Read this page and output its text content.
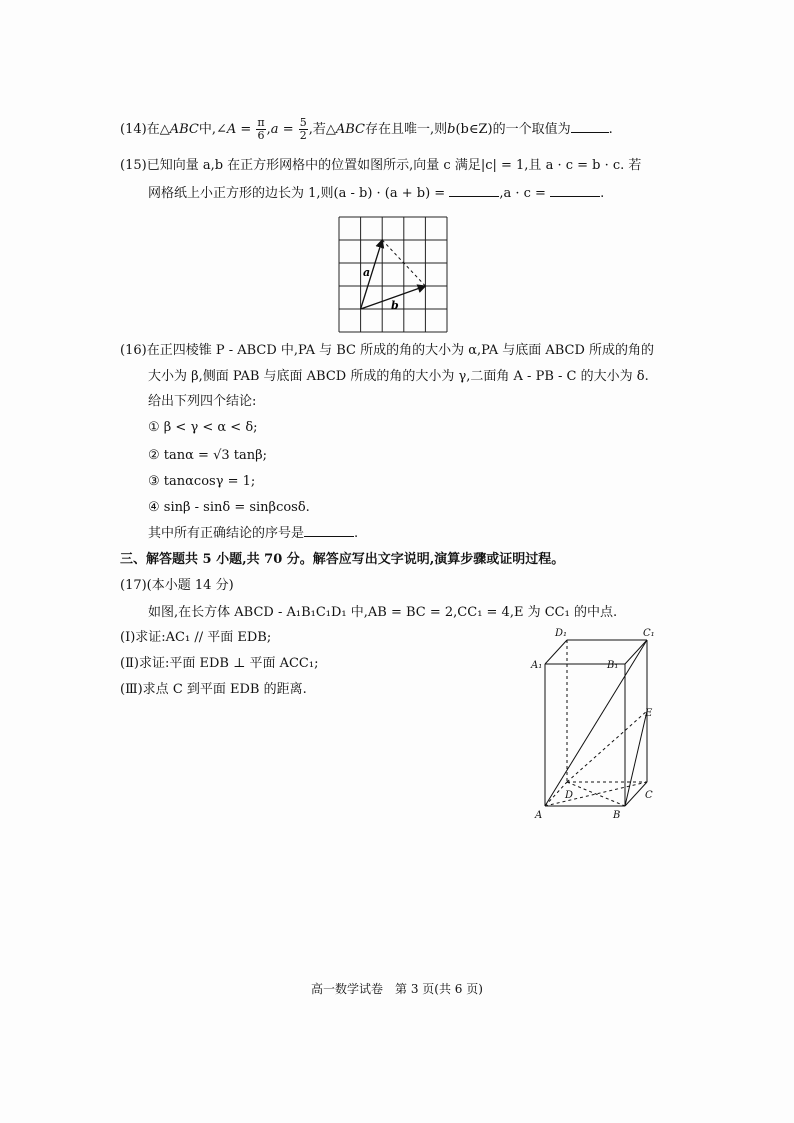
(14)在△ABC中,∠A = $\frac{\pi}{6} ,a = \frac{5}{2}$ ,若△ABC存在且唯一,则b(b∈Z)的一个取值为	.
(15)已知向量 a,b 在正方形网格中的位置如图所示,向量 c 满足|c| = 1,且 a · c = b · c. 若
网格纸上小正方形的边长为 1,则(a - b) · (a + b) =	,a · c =	.
a
b
(16)在正四棱锥 P - ABCD 中,PA 与 BC 所成的角的大小为 α,PA 与底面 ABCD 所成的角的
大小为 β,侧面 PAB 与底面 ABCD 所成的角的大小为 γ,二面角 A - PB - C 的大小为 δ.
给出下列四个结论:
① β < γ < α < δ;
② tanα = √3 tanβ;
③ tanαcosγ = 1;
④ sinβ - sinδ = sinβcosδ.
其中所有正确结论的序号是	.
三、解答题共 5 小题,共 70 分。解答应写出文字说明,演算步骤或证明过程。
(17)(本小题 14 分)
如图,在长方体 ABCD - A₁B₁C₁D₁ 中,AB = BC = 2,CC₁ = 4,E 为 CC₁ 的中点.
(Ⅰ)求证:AC₁ // 平面 EDB;
(Ⅱ)求证:平面 EDB ⊥ 平面 ACC₁;
(Ⅲ)求点 C 到平面 EDB 的距离.
D₁	C₁
A₁	B₁
E
D	C
A	B
高一数学试卷　第 3 页(共 6 页)
